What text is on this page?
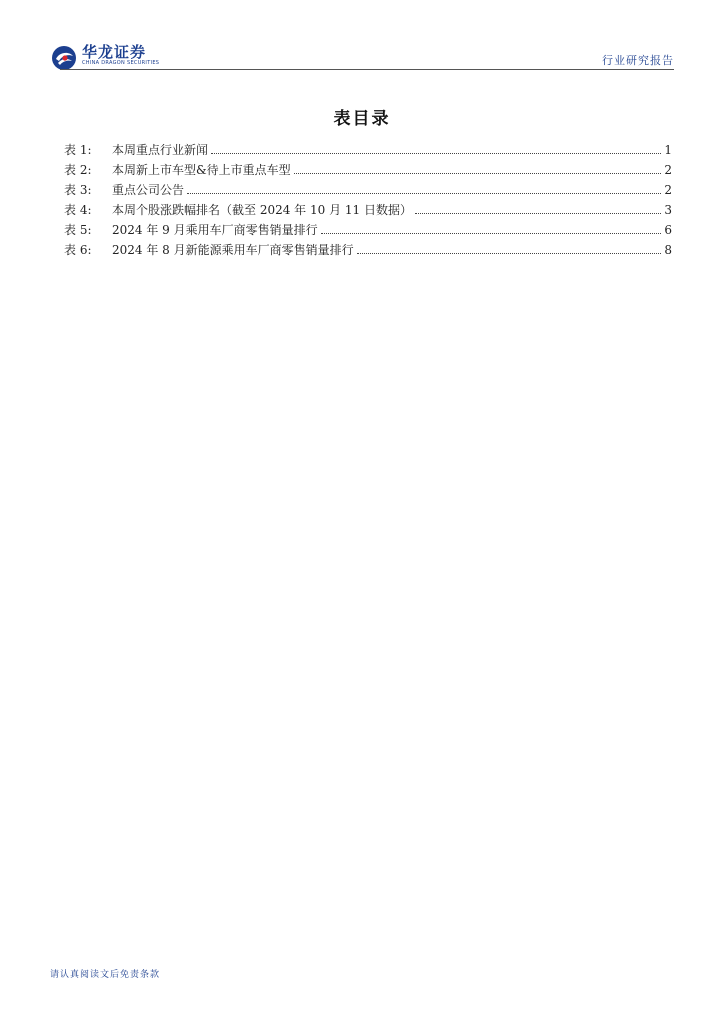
华龙证券
CHINA DRAGON SECURITIES	行业研究报告
表目录
表 1:	本周重点行业新闻	1
表 2:	本周新上市车型&待上市重点车型	2
表 3:	重点公司公告	2
表 4:	本周个股涨跌幅排名（截至 2024 年 10 月 11 日数据）	3
表 5:	2024 年 9 月乘用车厂商零售销量排行	6
表 6:	2024 年 8 月新能源乘用车厂商零售销量排行	8
请认真阅读文后免责条款
